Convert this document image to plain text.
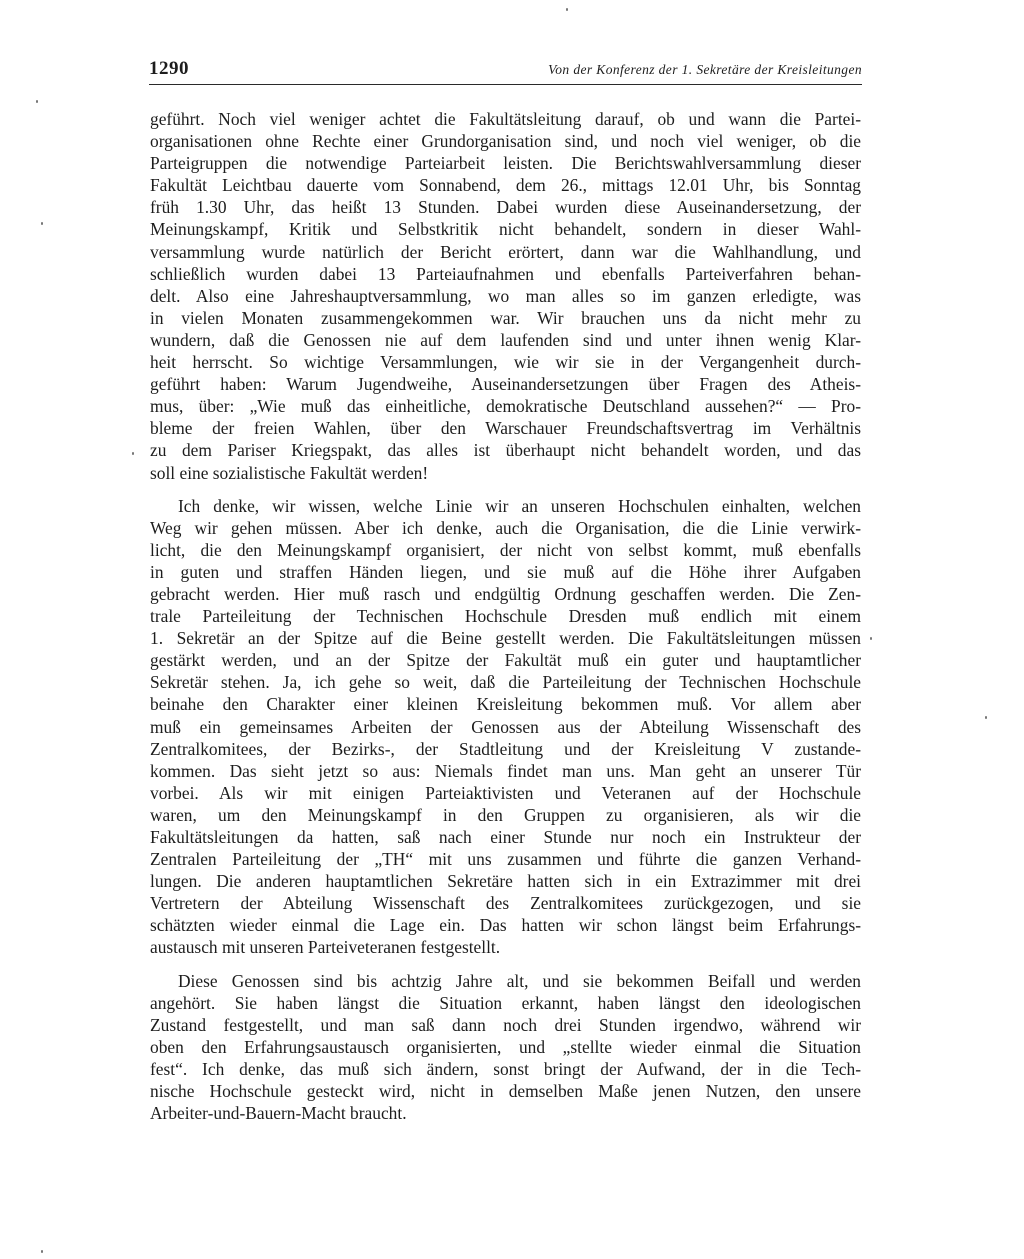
1290	Von der Konferenz der 1. Sekretäre der Kreisleitungen

geführt. Noch viel weniger achtet die Fakultätsleitung darauf, ob und wann die Partei-
organisationen ohne Rechte einer Grundorganisation sind, und noch viel weniger, ob die
Parteigruppen die notwendige Parteiarbeit leisten. Die Berichtswahlversammlung dieser
Fakultät Leichtbau dauerte vom Sonnabend, dem 26., mittags 12.01 Uhr, bis Sonntag
früh 1.30 Uhr, das heißt 13 Stunden. Dabei wurden diese Auseinandersetzung, der
Meinungskampf, Kritik und Selbstkritik nicht behandelt, sondern in dieser Wahl-
versammlung wurde natürlich der Bericht erörtert, dann war die Wahlhandlung, und
schließlich wurden dabei 13 Parteiaufnahmen und ebenfalls Parteiverfahren behan-
delt. Also eine Jahreshauptversammlung, wo man alles so im ganzen erledigte, was
in vielen Monaten zusammengekommen war. Wir brauchen uns da nicht mehr zu
wundern, daß die Genossen nie auf dem laufenden sind und unter ihnen wenig Klar-
heit herrscht. So wichtige Versammlungen, wie wir sie in der Vergangenheit durch-
geführt haben: Warum Jugendweihe, Auseinandersetzungen über Fragen des Atheis-
mus, über: „Wie muß das einheitliche, demokratische Deutschland aussehen?“ — Pro-
bleme der freien Wahlen, über den Warschauer Freundschaftsvertrag im Verhältnis
zu dem Pariser Kriegspakt, das alles ist überhaupt nicht behandelt worden, und das
soll eine sozialistische Fakultät werden!

Ich denke, wir wissen, welche Linie wir an unseren Hochschulen einhalten, welchen
Weg wir gehen müssen. Aber ich denke, auch die Organisation, die die Linie verwirk-
licht, die den Meinungskampf organisiert, der nicht von selbst kommt, muß ebenfalls
in guten und straffen Händen liegen, und sie muß auf die Höhe ihrer Aufgaben
gebracht werden. Hier muß rasch und endgültig Ordnung geschaffen werden. Die Zen-
trale Parteileitung der Technischen Hochschule Dresden muß endlich mit einem
1. Sekretär an der Spitze auf die Beine gestellt werden. Die Fakultätsleitungen müssen
gestärkt werden, und an der Spitze der Fakultät muß ein guter und hauptamtlicher
Sekretär stehen. Ja, ich gehe so weit, daß die Parteileitung der Technischen Hochschule
beinahe den Charakter einer kleinen Kreisleitung bekommen muß. Vor allem aber
muß ein gemeinsames Arbeiten der Genossen aus der Abteilung Wissenschaft des
Zentralkomitees, der Bezirks-, der Stadtleitung und der Kreisleitung V zustande-
kommen. Das sieht jetzt so aus: Niemals findet man uns. Man geht an unserer Tür
vorbei. Als wir mit einigen Parteiaktivisten und Veteranen auf der Hochschule
waren, um den Meinungskampf in den Gruppen zu organisieren, als wir die
Fakultätsleitungen da hatten, saß nach einer Stunde nur noch ein Instrukteur der
Zentralen Parteileitung der „TH“ mit uns zusammen und führte die ganzen Verhand-
lungen. Die anderen hauptamtlichen Sekretäre hatten sich in ein Extrazimmer mit drei
Vertretern der Abteilung Wissenschaft des Zentralkomitees zurückgezogen, und sie
schätzten wieder einmal die Lage ein. Das hatten wir schon längst beim Erfahrungs-
austausch mit unseren Parteiveteranen festgestellt.

Diese Genossen sind bis achtzig Jahre alt, und sie bekommen Beifall und werden
angehört. Sie haben längst die Situation erkannt, haben längst den ideologischen
Zustand festgestellt, und man saß dann noch drei Stunden irgendwo, während wir
oben den Erfahrungsaustausch organisierten, und „stellte wieder einmal die Situation
fest“. Ich denke, das muß sich ändern, sonst bringt der Aufwand, der in die Tech-
nische Hochschule gesteckt wird, nicht in demselben Maße jenen Nutzen, den unsere
Arbeiter-und-Bauern-Macht braucht.
